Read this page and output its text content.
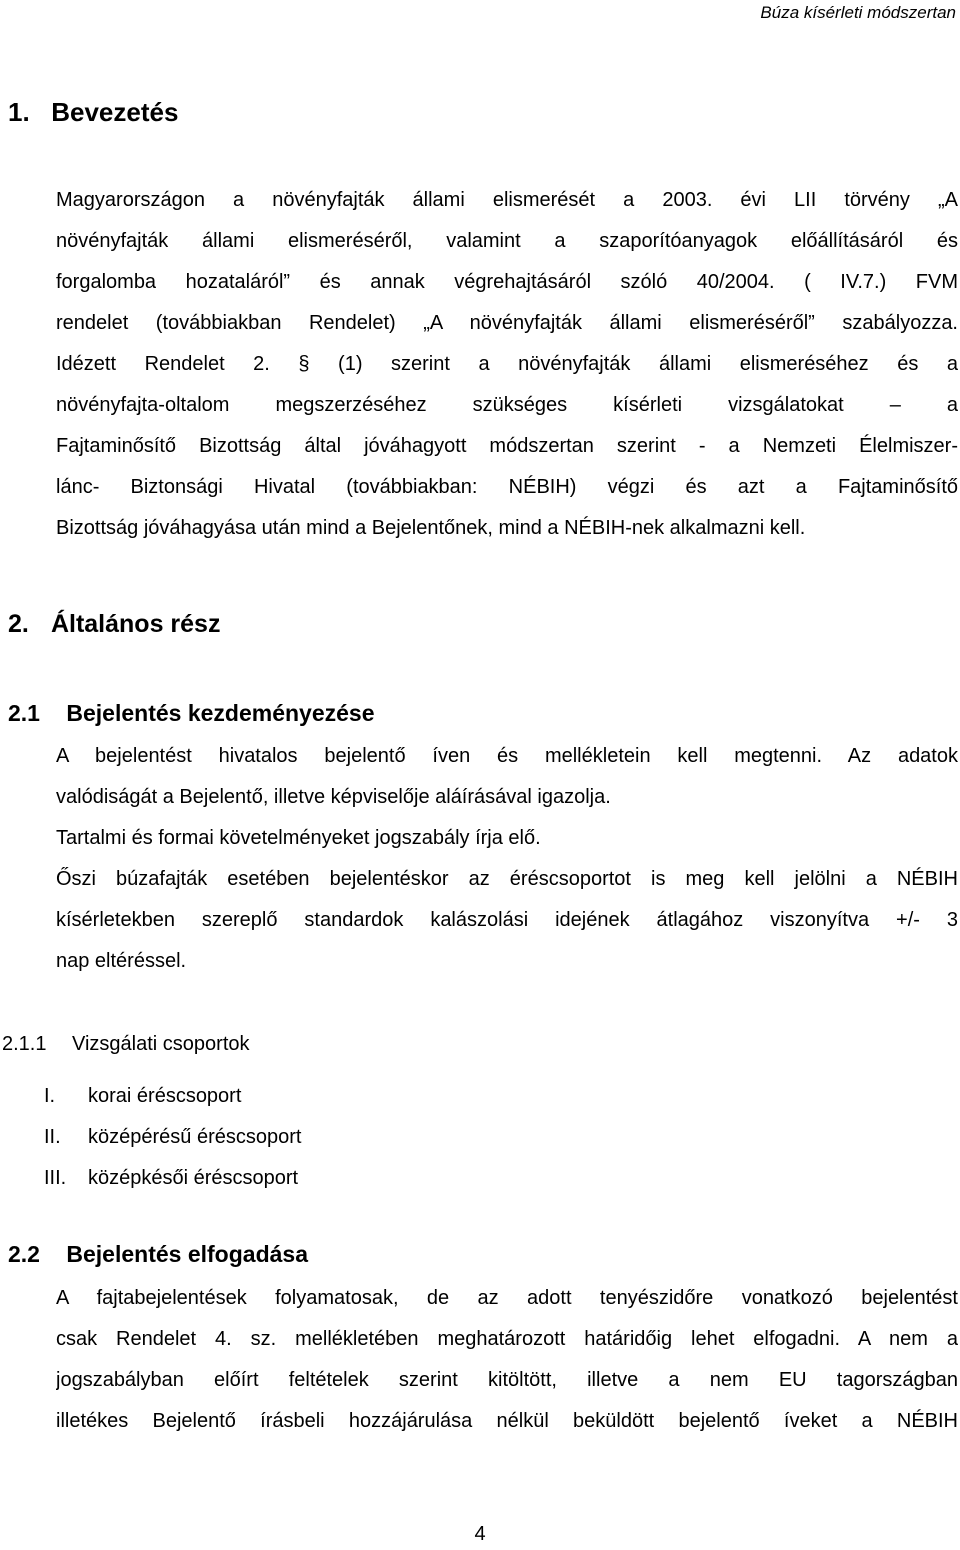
Búza kísérleti módszertan
1. Bevezetés
Magyarországon a növényfajták állami elismerését a 2003. évi LII törvény „A
növényfajták állami elismeréséről, valamint a szaporítóanyagok előállításáról és
forgalomba hozataláról” és annak végrehajtásáról szóló 40/2004. ( IV.7.) FVM
rendelet (továbbiakban Rendelet) „A növényfajták állami elismeréséről” szabályozza.
Idézett Rendelet 2. § (1) szerint a növényfajták állami elismeréséhez és a
növényfajta-oltalom megszerzéséhez szükséges kísérleti vizsgálatokat – a
Fajtaminősítő Bizottság által jóváhagyott módszertan szerint - a Nemzeti Élelmiszer-
lánc- Biztonsági Hivatal (továbbiakban: NÉBIH) végzi és azt a Fajtaminősítő
Bizottság jóváhagyása után mind a Bejelentőnek, mind a NÉBIH-nek alkalmazni kell.
2. Általános rész
2.1 Bejelentés kezdeményezése
A bejelentést hivatalos bejelentő íven és mellékletein kell megtenni. Az adatok
valódiságát a Bejelentő, illetve képviselője aláírásával igazolja.
Tartalmi és formai követelményeket jogszabály írja elő.
Őszi búzafajták esetében bejelentéskor az éréscsoportot is meg kell jelölni a NÉBIH
kísérletekben szereplő standardok kalászolási idejének átlagához viszonyítva +/- 3
nap eltéréssel.
2.1.1 Vizsgálati csoportok
I. korai éréscsoport
II. középérésű éréscsoport
III. középkésői éréscsoport
2.2 Bejelentés elfogadása
A fajtabejelentések folyamatosak, de az adott tenyészidőre vonatkozó bejelentést
csak Rendelet 4. sz. mellékletében meghatározott határidőig lehet elfogadni. A nem a
jogszabályban előírt feltételek szerint kitöltött, illetve a nem EU tagországban
illetékes Bejelentő írásbeli hozzájárulása nélkül beküldött bejelentő íveket a NÉBIH
4
